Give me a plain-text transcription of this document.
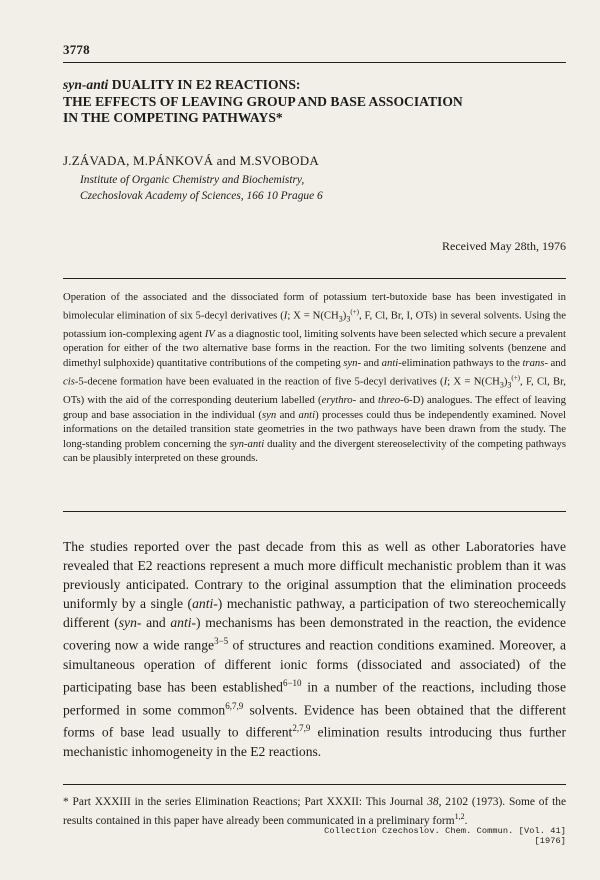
3778
syn-anti DUALITY IN E2 REACTIONS:
THE EFFECTS OF LEAVING GROUP AND BASE ASSOCIATION
IN THE COMPETING PATHWAYS*
J.ZÁVADA, M.PÁNKOVÁ and M.SVOBODA
Institute of Organic Chemistry and Biochemistry,
Czechoslovak Academy of Sciences, 166 10 Prague 6
Received May 28th, 1976

Operation of the associated and the dissociated form of potassium tert-butoxide base has been investigated in bimolecular elimination of six 5-decyl derivatives (I; $X = N(CH_3)_3^{(+)}$, F, Cl, Br, I, OTs) in several solvents. Using the potassium ion-complexing agent IV as a diagnostic tool, limiting solvents have been selected which secure a prevalent operation for either of the two alternative base forms in the reaction. For the two limiting solvents (benzene and dimethyl sulphoxide) quantitative contributions of the competing syn- and anti-elimination pathways to the trans- and cis-5-decene formation have been evaluated in the reaction of five 5-decyl derivatives (I; $X = N(CH_3)_3^{(+)}$, F, Cl, Br, OTs) with the aid of the corresponding deuterium labelled (erythro- and threo-6-D) analogues. The effect of leaving group and base association in the individual (syn and anti) processes could thus be independently examined. Novel informations on the detailed transition state geometries in the two pathways have been drawn from the study. The long-standing problem concerning the syn-anti duality and the divergent stereoselectivity of the competing pathways can be plausibly interpreted on these grounds.

The studies reported over the past decade from this as well as other Laboratories have revealed that E2 reactions represent a much more difficult mechanistic problem than it was previously anticipated. Contrary to the original assumption that the elimination proceeds uniformly by a single (anti-) mechanistic pathway, a participation of two stereochemically different (syn- and anti-) mechanisms has been demonstrated in the reaction, the evidence covering now a wide range$^{3-5}$ of structures and reaction conditions examined. Moreover, a simultaneous operation of different ionic forms (dissociated and associated) of the participating base has been established$^{6-10}$ in a number of the reactions, including those performed in some common$^{6,7,9}$ solvents. Evidence has been obtained that the different forms of base lead usually to different$^{2,7,9}$ elimination results introducing thus further mechanistic inhomogeneity in the E2 reactions.

* Part XXXIII in the series Elimination Reactions; Part XXXII: This Journal 38, 2102 (1973). Some of the results contained in this paper have already been communicated in a preliminary form$^{1,2}$.

Collection Czechoslov. Chem. Commun. [Vol. 41] [1976]
